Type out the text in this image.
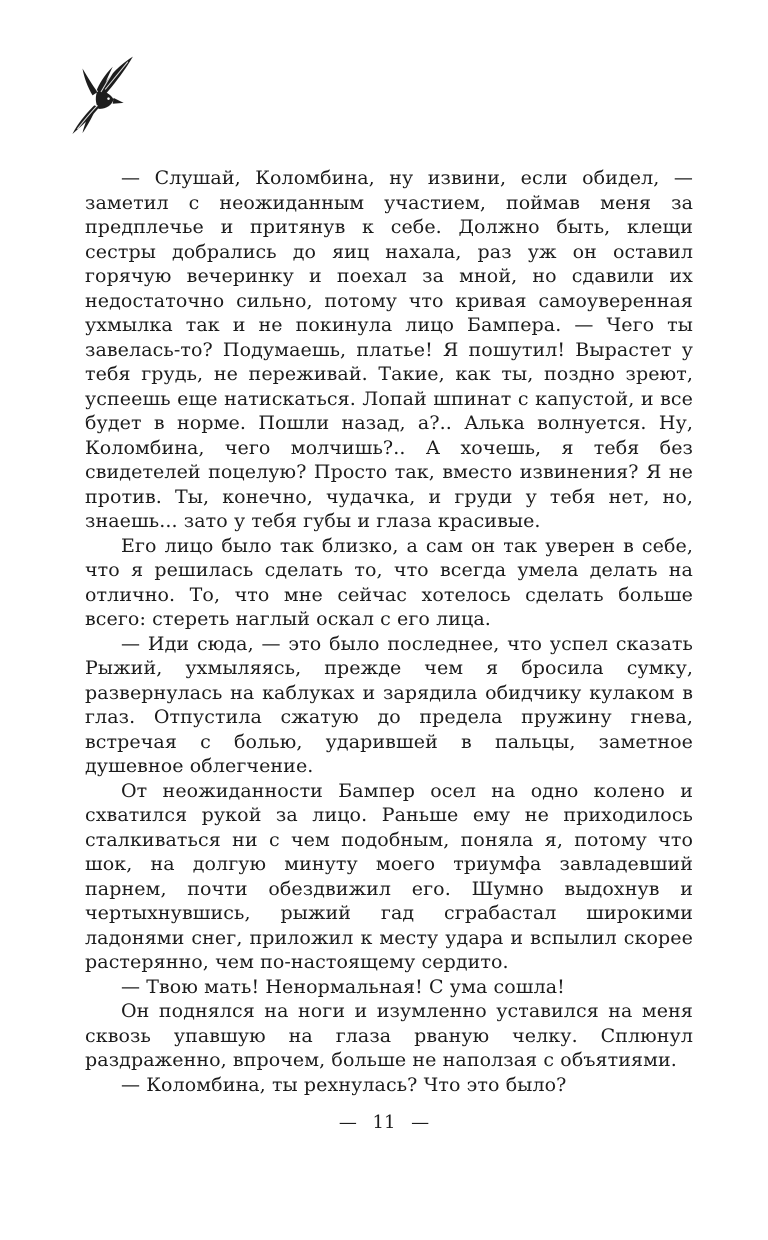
— Слушай, Коломбина, ну извини, если обидел, — заметил с неожиданным участием, поймав меня за предплечье и притянув к себе. Должно быть, клещи сестры добрались до яиц нахала, раз уж он оставил горячую вечеринку и поехал за мной, но сдавили их недостаточно сильно, потому что кривая самоуверенная ухмылка так и не покинула лицо Бампера. — Чего ты завелась-то? Подумаешь, платье! Я пошутил! Вырастет у тебя грудь, не переживай. Такие, как ты, поздно зреют, успеешь еще натискаться. Лопай шпинат с капустой, и все будет в норме. Пошли назад, а?.. Алька волнуется. Ну, Коломбина, чего молчишь?.. А хочешь, я тебя без свидетелей поцелую? Просто так, вместо извинения? Я не против. Ты, конечно, чудачка, и груди у тебя нет, но, знаешь... зато у тебя губы и глаза красивые.

Его лицо было так близко, а сам он так уверен в себе, что я решилась сделать то, что всегда умела делать на отлично. То, что мне сейчас хотелось сделать больше всего: стереть наглый оскал с его лица.

— Иди сюда, — это было последнее, что успел сказать Рыжий, ухмыляясь, прежде чем я бросила сумку, развернулась на каблуках и зарядила обидчику кулаком в глаз. Отпустила сжатую до предела пружину гнева, встречая с болью, ударившей в пальцы, заметное душевное облегчение.

От неожиданности Бампер осел на одно колено и схватился рукой за лицо. Раньше ему не приходилось сталкиваться ни с чем подобным, поняла я, потому что шок, на долгую минуту моего триумфа завладевший парнем, почти обездвижил его. Шумно выдохнув и чертыхнувшись, рыжий гад сграбастал широкими ладонями снег, приложил к месту удара и вспылил скорее растерянно, чем по-настоящему сердито.

— Твою мать! Ненормальная! С ума сошла!

Он поднялся на ноги и изумленно уставился на меня сквозь упавшую на глаза рваную челку. Сплюнул раздраженно, впрочем, больше не наползая с объятиями.

— Коломбина, ты рехнулась? Что это было?

— 11 —
